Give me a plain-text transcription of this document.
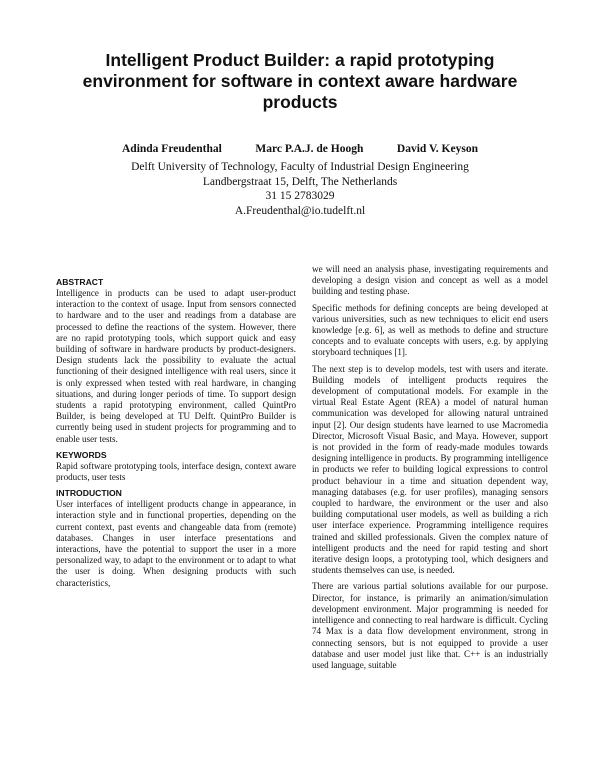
Intelligent Product Builder: a rapid prototyping environment for software in context aware hardware products
Adinda Freudenthal	Marc P.A.J. de Hoogh	David V. Keyson
Delft University of Technology, Faculty of Industrial Design Engineering
Landbergstraat 15, Delft, The Netherlands
31 15 2783029
A.Freudenthal@io.tudelft.nl
ABSTRACT

Intelligence in products can be used to adapt user-product interaction to the context of usage. Input from sensors connected to hardware and to the user and readings from a database are processed to define the reactions of the system. However, there are no rapid prototyping tools, which support quick and easy building of software in hardware products by product-designers. Design students lack the possibility to evaluate the actual functioning of their designed intelligence with real users, since it is only expressed when tested with real hardware, in changing situations, and during longer periods of time. To support design students a rapid prototyping environment, called QuintPro Builder, is being developed at TU Delft. QuintPro Builder is currently being used in student projects for programming and to enable user tests.

KEYWORDS

Rapid software prototyping tools, interface design, context aware products, user tests

INTRODUCTION

User interfaces of intelligent products change in appearance, in interaction style and in functional properties, depending on the current context, past events and changeable data from (remote) databases. Changes in user interface presentations and interactions, have the potential to support the user in a more personalized way, to adapt to the environment or to adapt to what the user is doing. When designing products with such characteristics,

we will need an analysis phase, investigating requirements and developing a design vision and concept as well as a model building and testing phase.

Specific methods for defining concepts are being developed at various universities, such as new techniques to elicit end users knowledge [e.g. 6], as well as methods to define and structure concepts and to evaluate concepts with users, e.g. by applying storyboard techniques [1].

The next step is to develop models, test with users and iterate. Building models of intelligent products requires the development of computational models. For example in the virtual Real Estate Agent (REA) a model of natural human communication was developed for allowing natural untrained input [2]. Our design students have learned to use Macromedia Director, Microsoft Visual Basic, and Maya. However, support is not provided in the form of ready-made modules towards designing intelligence in products. By programming intelligence in products we refer to building logical expressions to control product behaviour in a time and situation dependent way, managing databases (e.g. for user profiles), managing sensors coupled to hardware, the environment or the user and also building computational user models, as well as building a rich user interface experience. Programming intelligence requires trained and skilled professionals. Given the complex nature of intelligent products and the need for rapid testing and short iterative design loops, a prototyping tool, which designers and students themselves can use, is needed.

There are various partial solutions available for our purpose. Director, for instance, is primarily an animation/simulation development environment. Major programming is needed for intelligence and connecting to real hardware is difficult. Cycling 74 Max is a data flow development environment, strong in connecting sensors, but is not equipped to provide a user database and user model just like that. C++ is an industrially used language, suitable
